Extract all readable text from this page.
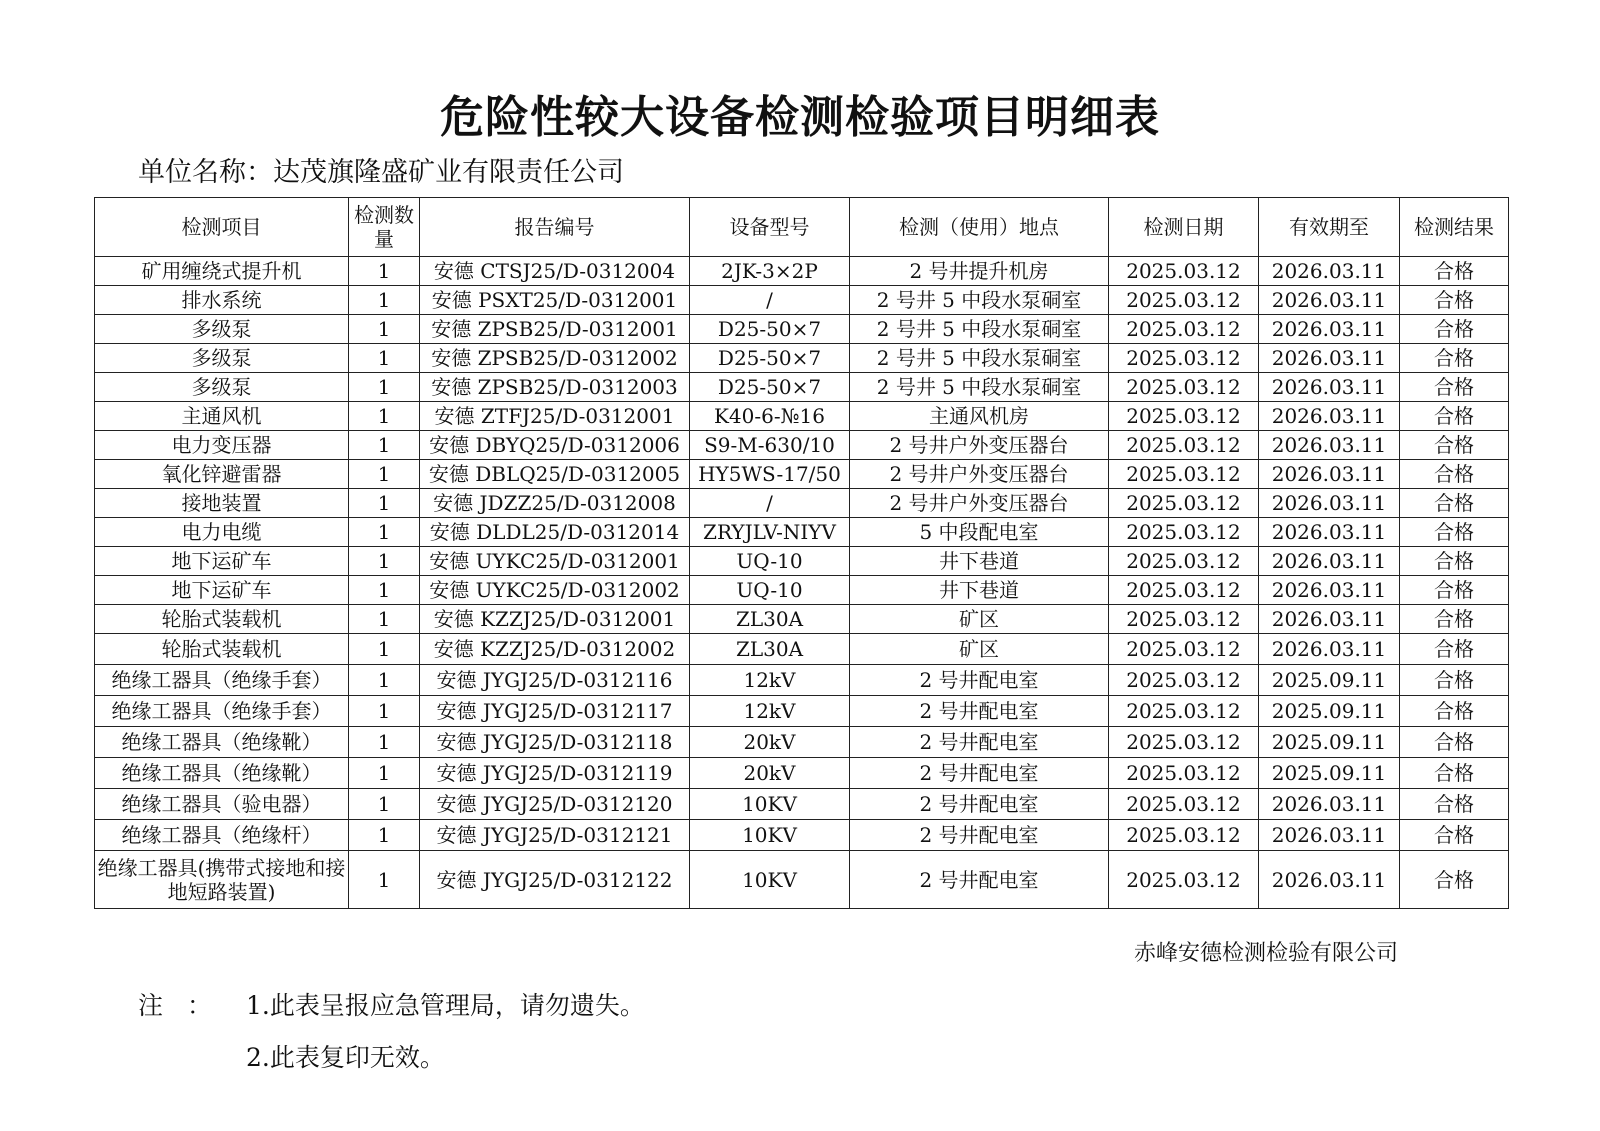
危险性较大设备检测检验项目明细表
单位名称：达茂旗隆盛矿业有限责任公司
检测项目	检测数量	报告编号	设备型号	检测（使用）地点	检测日期	有效期至	检测结果
矿用缠绕式提升机	1	安德 CTSJ25/D-0312004	2JK-3×2P	2 号井提升机房	2025.03.12	2026.03.11	合格
排水系统	1	安德 PSXT25/D-0312001	/	2 号井 5 中段水泵硐室	2025.03.12	2026.03.11	合格
多级泵	1	安德 ZPSB25/D-0312001	D25-50×7	2 号井 5 中段水泵硐室	2025.03.12	2026.03.11	合格
多级泵	1	安德 ZPSB25/D-0312002	D25-50×7	2 号井 5 中段水泵硐室	2025.03.12	2026.03.11	合格
多级泵	1	安德 ZPSB25/D-0312003	D25-50×7	2 号井 5 中段水泵硐室	2025.03.12	2026.03.11	合格
主通风机	1	安德 ZTFJ25/D-0312001	K40-6-№16	主通风机房	2025.03.12	2026.03.11	合格
电力变压器	1	安德 DBYQ25/D-0312006	S9-M-630/10	2 号井户外变压器台	2025.03.12	2026.03.11	合格
氧化锌避雷器	1	安德 DBLQ25/D-0312005	HY5WS-17/50	2 号井户外变压器台	2025.03.12	2026.03.11	合格
接地装置	1	安德 JDZZ25/D-0312008	/	2 号井户外变压器台	2025.03.12	2026.03.11	合格
电力电缆	1	安德 DLDL25/D-0312014	ZRYJLV-NIYV	5 中段配电室	2025.03.12	2026.03.11	合格
地下运矿车	1	安德 UYKC25/D-0312001	UQ-10	井下巷道	2025.03.12	2026.03.11	合格
地下运矿车	1	安德 UYKC25/D-0312002	UQ-10	井下巷道	2025.03.12	2026.03.11	合格
轮胎式装载机	1	安德 KZZJ25/D-0312001	ZL30A	矿区	2025.03.12	2026.03.11	合格
轮胎式装载机	1	安德 KZZJ25/D-0312002	ZL30A	矿区	2025.03.12	2026.03.11	合格
绝缘工器具（绝缘手套）	1	安德 JYGJ25/D-0312116	12kV	2 号井配电室	2025.03.12	2025.09.11	合格
绝缘工器具（绝缘手套）	1	安德 JYGJ25/D-0312117	12kV	2 号井配电室	2025.03.12	2025.09.11	合格
绝缘工器具（绝缘靴）	1	安德 JYGJ25/D-0312118	20kV	2 号井配电室	2025.03.12	2025.09.11	合格
绝缘工器具（绝缘靴）	1	安德 JYGJ25/D-0312119	20kV	2 号井配电室	2025.03.12	2025.09.11	合格
绝缘工器具（验电器）	1	安德 JYGJ25/D-0312120	10KV	2 号井配电室	2025.03.12	2026.03.11	合格
绝缘工器具（绝缘杆）	1	安德 JYGJ25/D-0312121	10KV	2 号井配电室	2025.03.12	2026.03.11	合格
绝缘工器具(携带式接地和接地短路装置)	1	安德 JYGJ25/D-0312122	10KV	2 号井配电室	2025.03.12	2026.03.11	合格
赤峰安德检测检验有限公司
注 ： 1.此表呈报应急管理局，请勿遗失。
2.此表复印无效。
